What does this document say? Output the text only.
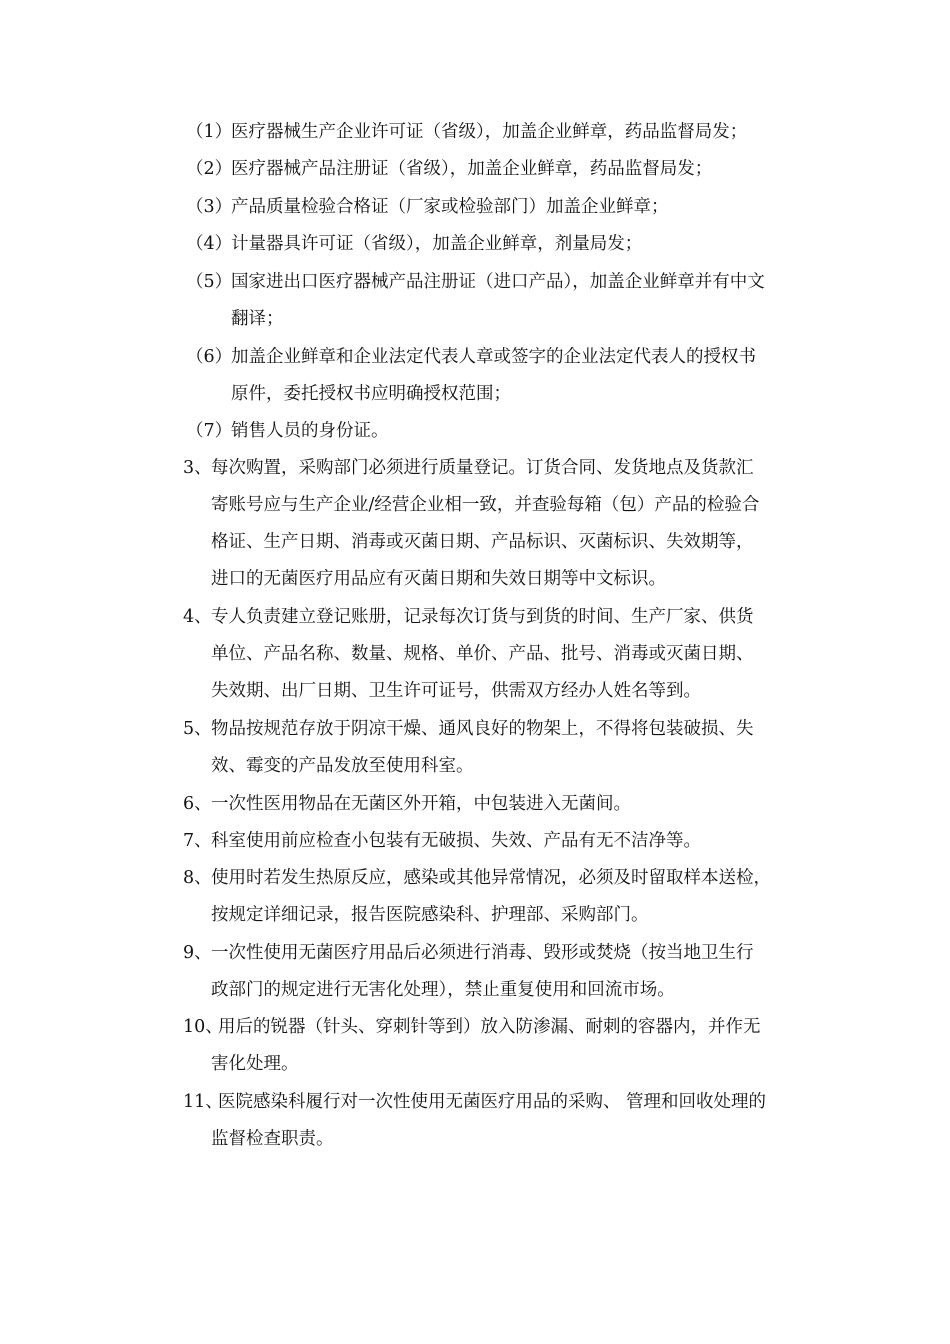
（1）
医疗器械生产企业许可证（省级），加盖企业鲜章，药品监督局发；
（2）
医疗器械产品注册证（省级），加盖企业鲜章，药品监督局发；
（3）
产品质量检验合格证（厂家或检验部门）加盖企业鲜章；
（4）
计量器具许可证（省级），加盖企业鲜章，剂量局发；
（5）
国家进出口医疗器械产品注册证（进口产品），加盖企业鲜章并有中文
翻译；
（6）
加盖企业鲜章和企业法定代表人章或签字的企业法定代表人的授权书
原件，委托授权书应明确授权范围；
（7）
销售人员的身份证。
3、 每次购置，采购部门必须进行质量登记。订货合同、发货地点及货款汇
寄账号应与生产企业/经营企业相一致，并查验每箱（包）产品的检验合
格证、生产日期、消毒或灭菌日期、产品标识、灭菌标识、失效期等，
进口的无菌医疗用品应有灭菌日期和失效日期等中文标识。
4、 专人负责建立登记账册，记录每次订货与到货的时间、生产厂家、供货
单位、产品名称、数量、规格、单价、产品、批号、消毒或灭菌日期、
失效期、出厂日期、卫生许可证号，供需双方经办人姓名等到。
5、 物品按规范存放于阴凉干燥、通风良好的物架上，不得将包装破损、失
效、霉变的产品发放至使用科室。
6、 一次性医用物品在无菌区外开箱，中包装进入无菌间。
7、 科室使用前应检查小包装有无破损、失效、产品有无不洁净等。
8、 使用时若发生热原反应，感染或其他异常情况，必须及时留取样本送检，
按规定详细记录，报告医院感染科、护理部、采购部门。
9、 一次性使用无菌医疗用品后必须进行消毒、毁形或焚烧（按当地卫生行
政部门的规定进行无害化处理），禁止重复使用和回流市场。
10、
用后的锐器（针头、穿刺针等到）放入防渗漏、耐刺的容器内，并作无
害化处理。
11、
医院感染科履行对一次性使用无菌医疗用品的采购、 管理和回收处理的
监督检查职责。
